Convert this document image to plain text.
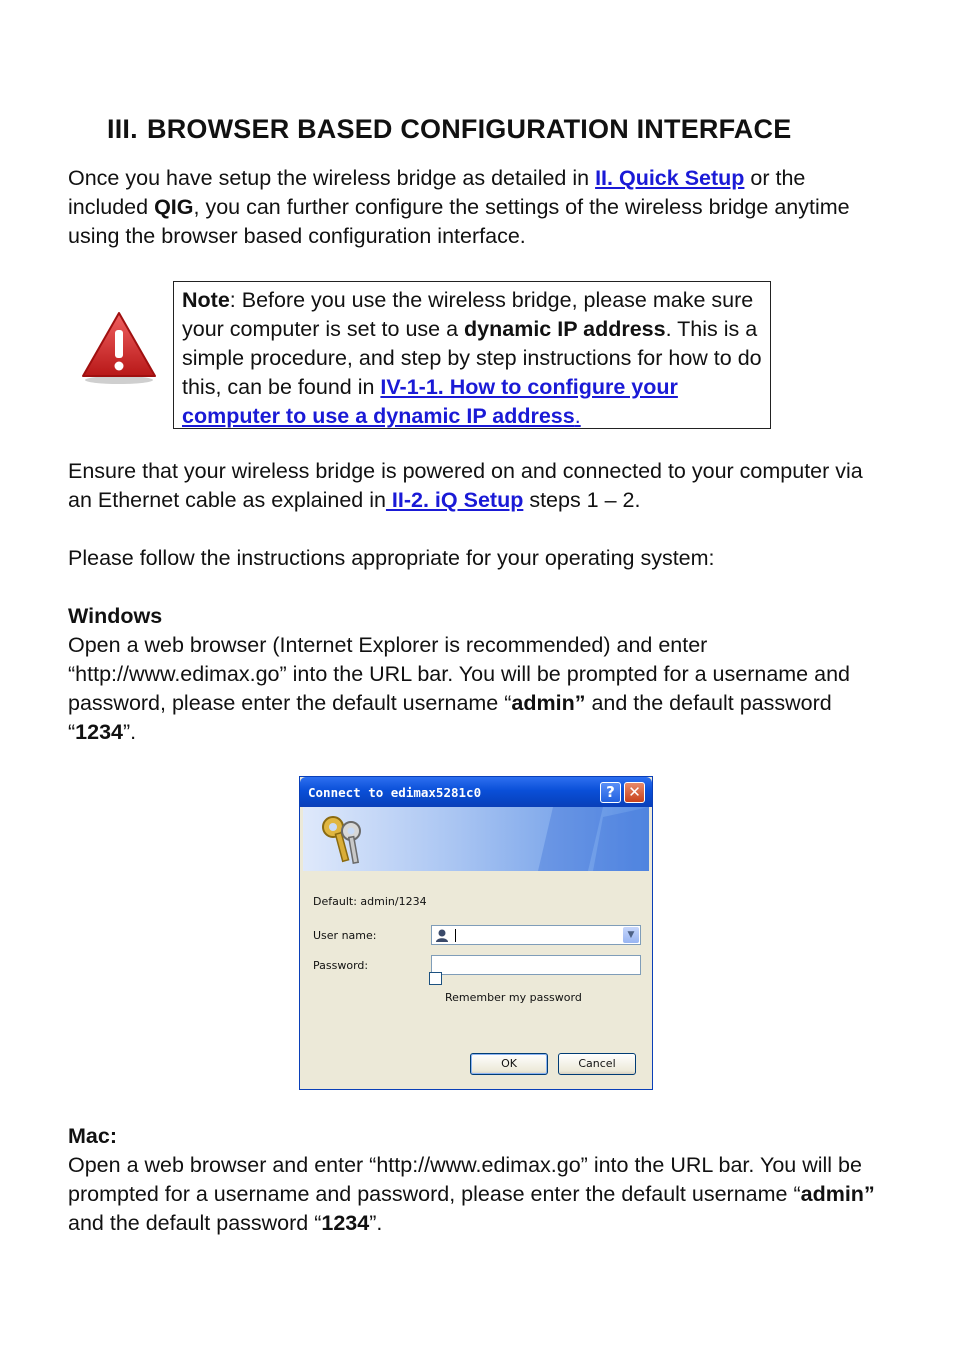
III. BROWSER BASED CONFIGURATION INTERFACE
Once you have setup the wireless bridge as detailed in II. Quick Setup or the included QIG, you can further configure the settings of the wireless bridge anytime using the browser based configuration interface.
Note: Before you use the wireless bridge, please make sure your computer is set to use a dynamic IP address. This is a simple procedure, and step by step instructions for how to do this, can be found in IV-1-1. How to configure your computer to use a dynamic IP address.
Ensure that your wireless bridge is powered on and connected to your computer via an Ethernet cable as explained in II-2. iQ Setup steps 1 – 2.
Please follow the instructions appropriate for your operating system:
Windows
Open a web browser (Internet Explorer is recommended) and enter “http://www.edimax.go” into the URL bar. You will be prompted for a username and password, please enter the default username “admin” and the default password “1234”.
Connect to edimax5281c0	? ✕
Default: admin/1234
User name:	▼
Password:
Remember my password
OK	Cancel
Mac:
Open a web browser and enter “http://www.edimax.go” into the URL bar. You will be prompted for a username and password, please enter the default username “admin” and the default password “1234”.
